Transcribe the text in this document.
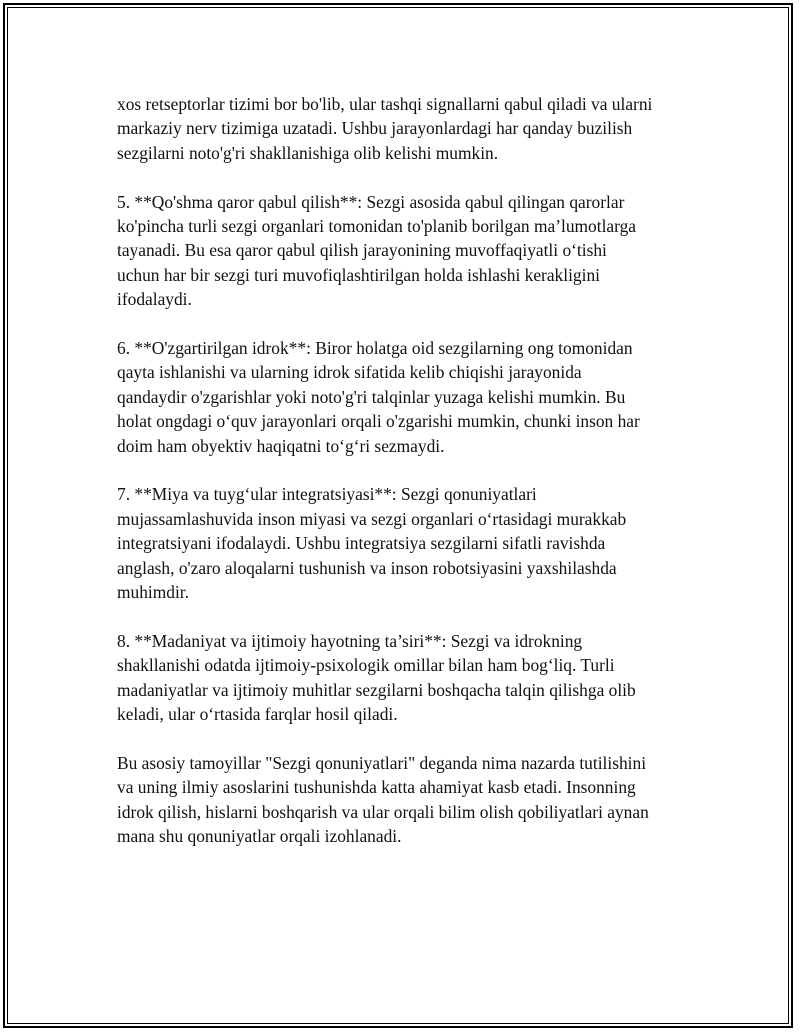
xos retseptorlar tizimi bor bo'lib, ular tashqi signallarni qabul qiladi va ularni
markaziy nerv tizimiga uzatadi. Ushbu jarayonlardagi har qanday buzilish
sezgilarni noto'g'ri shakllanishiga olib kelishi mumkin.

5. **Qo'shma qaror qabul qilish**: Sezgi asosida qabul qilingan qarorlar
ko'pincha turli sezgi organlari tomonidan to'planib borilgan ma’lumotlarga
tayanadi. Bu esa qaror qabul qilish jarayonining muvoffaqiyatli o‘tishi
uchun har bir sezgi turi muvofiqlashtirilgan holda ishlashi kerakligini
ifodalaydi.

6. **O'zgartirilgan idrok**: Biror holatga oid sezgilarning ong tomonidan
qayta ishlanishi va ularning idrok sifatida kelib chiqishi jarayonida
qandaydir o'zgarishlar yoki noto'g'ri talqinlar yuzaga kelishi mumkin. Bu
holat ongdagi o‘quv jarayonlari orqali o'zgarishi mumkin, chunki inson har
doim ham obyektiv haqiqatni to‘g‘ri sezmaydi.

7. **Miya va tuyg‘ular integratsiyasi**: Sezgi qonuniyatlari
mujassamlashuvida inson miyasi va sezgi organlari o‘rtasidagi murakkab
integratsiyani ifodalaydi. Ushbu integratsiya sezgilarni sifatli ravishda
anglash, o'zaro aloqalarni tushunish va inson robotsiyasini yaxshilashda
muhimdir.

8. **Madaniyat va ijtimoiy hayotning ta’siri**: Sezgi va idrokning
shakllanishi odatda ijtimoiy-psixologik omillar bilan ham bog‘liq. Turli
madaniyatlar va ijtimoiy muhitlar sezgilarni boshqacha talqin qilishga olib
keladi, ular o‘rtasida farqlar hosil qiladi.

Bu asosiy tamoyillar "Sezgi qonuniyatlari" deganda nima nazarda tutilishini
va uning ilmiy asoslarini tushunishda katta ahamiyat kasb etadi. Insonning
idrok qilish, hislarni boshqarish va ular orqali bilim olish qobiliyatlari aynan
mana shu qonuniyatlar orqali izohlanadi.
